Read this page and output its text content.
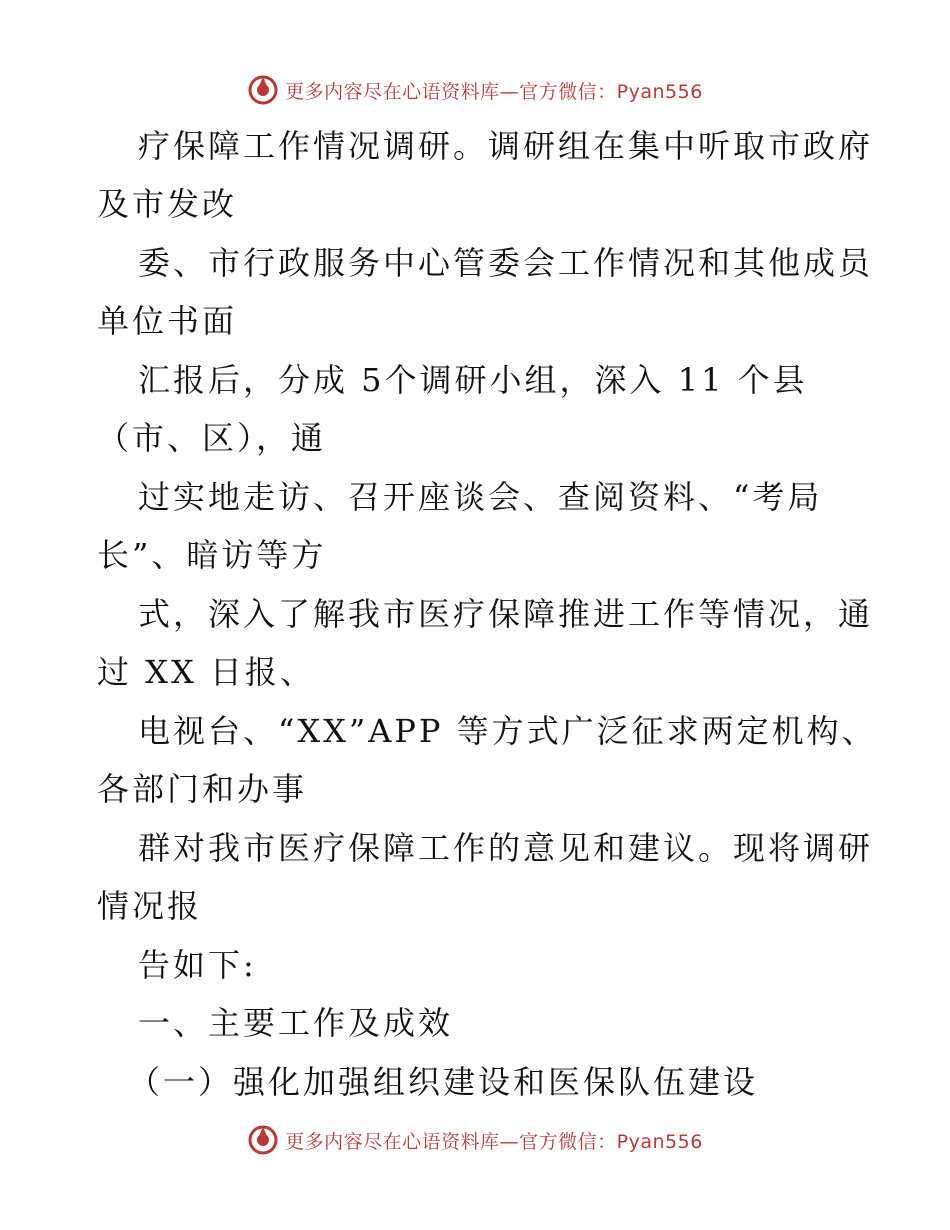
更多内容尽在心语资料库—官方微信：Pyan556
疗保障工作情况调研。调研组在集中听取市政府
及市发改
委、市行政服务中心管委会工作情况和其他成员
单位书面
汇报后，分成 5个调研小组，深入 11 个县
（市、区），通
过实地走访、召开座谈会、查阅资料、“考局
长”、暗访等方
式，深入了解我市医疗保障推进工作等情况，通
过 XX 日报、
电视台、“XX”APP 等方式广泛征求两定机构、
各部门和办事
群对我市医疗保障工作的意见和建议。现将调研
情况报
告如下:
一、主要工作及成效
（一）强化加强组织建设和医保队伍建设
更多内容尽在心语资料库—官方微信：Pyan556
